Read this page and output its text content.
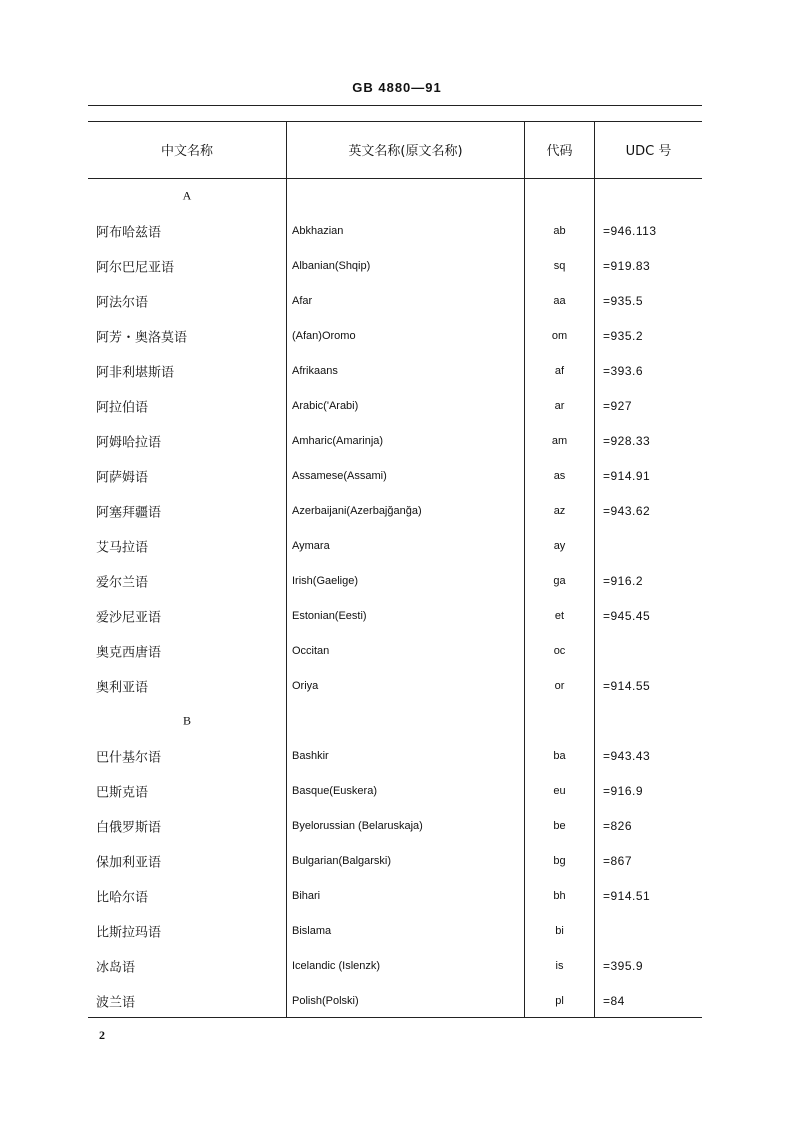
GB 4880—91
中文名称	英文名称(原文名称)	代码	UDC 号
A
阿布哈兹语	Abkhazian	ab	=946.113
阿尔巴尼亚语	Albanian(Shqip)	sq	=919.83
阿法尔语	Afar	aa	=935.5
阿芳・奥洛莫语	(Afan)Oromo	om	=935.2
阿非利堪斯语	Afrikaans	af	=393.6
阿拉伯语	Arabic('Arabi)	ar	=927
阿姆哈拉语	Amharic(Amarinja)	am	=928.33
阿萨姆语	Assamese(Assami)	as	=914.91
阿塞拜疆语	Azerbaijani(Azerbajğanğa)	az	=943.62
艾马拉语	Aymara	ay
爱尔兰语	Irish(Gaelige)	ga	=916.2
爱沙尼亚语	Estonian(Eesti)	et	=945.45
奥克西唐语	Occitan	oc
奥利亚语	Oriya	or	=914.55
B
巴什基尔语	Bashkir	ba	=943.43
巴斯克语	Basque(Euskera)	eu	=916.9
白俄罗斯语	Byelorussian (Belaruskaja)	be	=826
保加利亚语	Bulgarian(Balgarski)	bg	=867
比哈尔语	Bihari	bh	=914.51
比斯拉玛语	Bislama	bi
冰岛语	Icelandic (Islenzk)	is	=395.9
波兰语	Polish(Polski)	pl	=84
2
